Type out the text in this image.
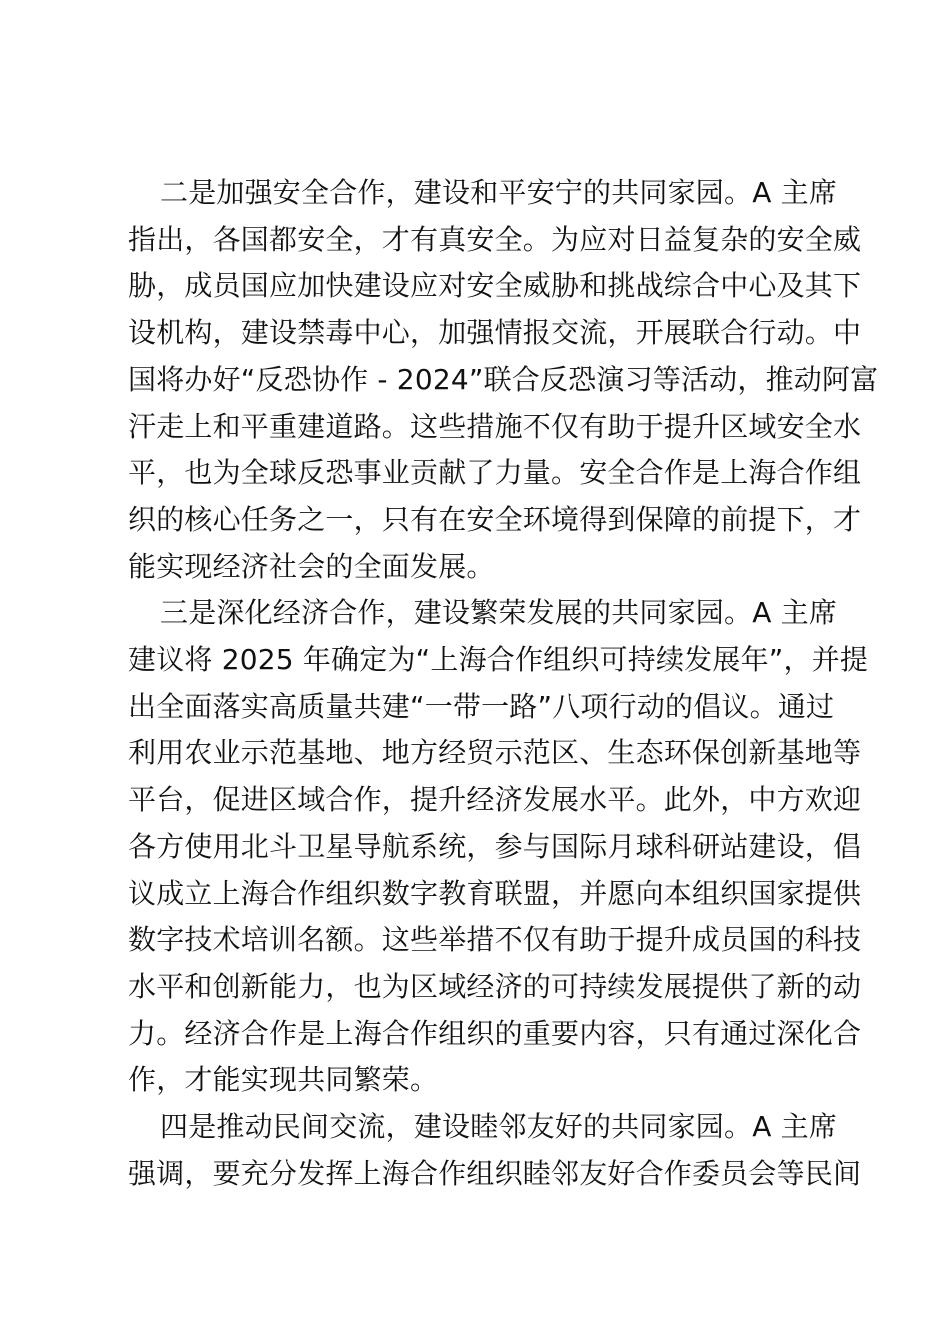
二是加强安全合作，建设和平安宁的共同家园。A 主席
指出，各国都安全，才有真安全。为应对日益复杂的安全威
胁，成员国应加快建设应对安全威胁和挑战综合中心及其下
设机构，建设禁毒中心，加强情报交流，开展联合行动。中
国将办好“反恐协作 - 2024”联合反恐演习等活动，推动阿富
汗走上和平重建道路。这些措施不仅有助于提升区域安全水
平，也为全球反恐事业贡献了力量。安全合作是上海合作组
织的核心任务之一，只有在安全环境得到保障的前提下，才
能实现经济社会的全面发展。

三是深化经济合作，建设繁荣发展的共同家园。A 主席
建议将 2025 年确定为“上海合作组织可持续发展年”，并提
出全面落实高质量共建“一带一路”八项行动的倡议。通过
利用农业示范基地、地方经贸示范区、生态环保创新基地等
平台，促进区域合作，提升经济发展水平。此外，中方欢迎
各方使用北斗卫星导航系统，参与国际月球科研站建设，倡
议成立上海合作组织数字教育联盟，并愿向本组织国家提供
数字技术培训名额。这些举措不仅有助于提升成员国的科技
水平和创新能力，也为区域经济的可持续发展提供了新的动
力。经济合作是上海合作组织的重要内容，只有通过深化合
作，才能实现共同繁荣。

四是推动民间交流，建设睦邻友好的共同家园。A 主席
强调，要充分发挥上海合作组织睦邻友好合作委员会等民间
